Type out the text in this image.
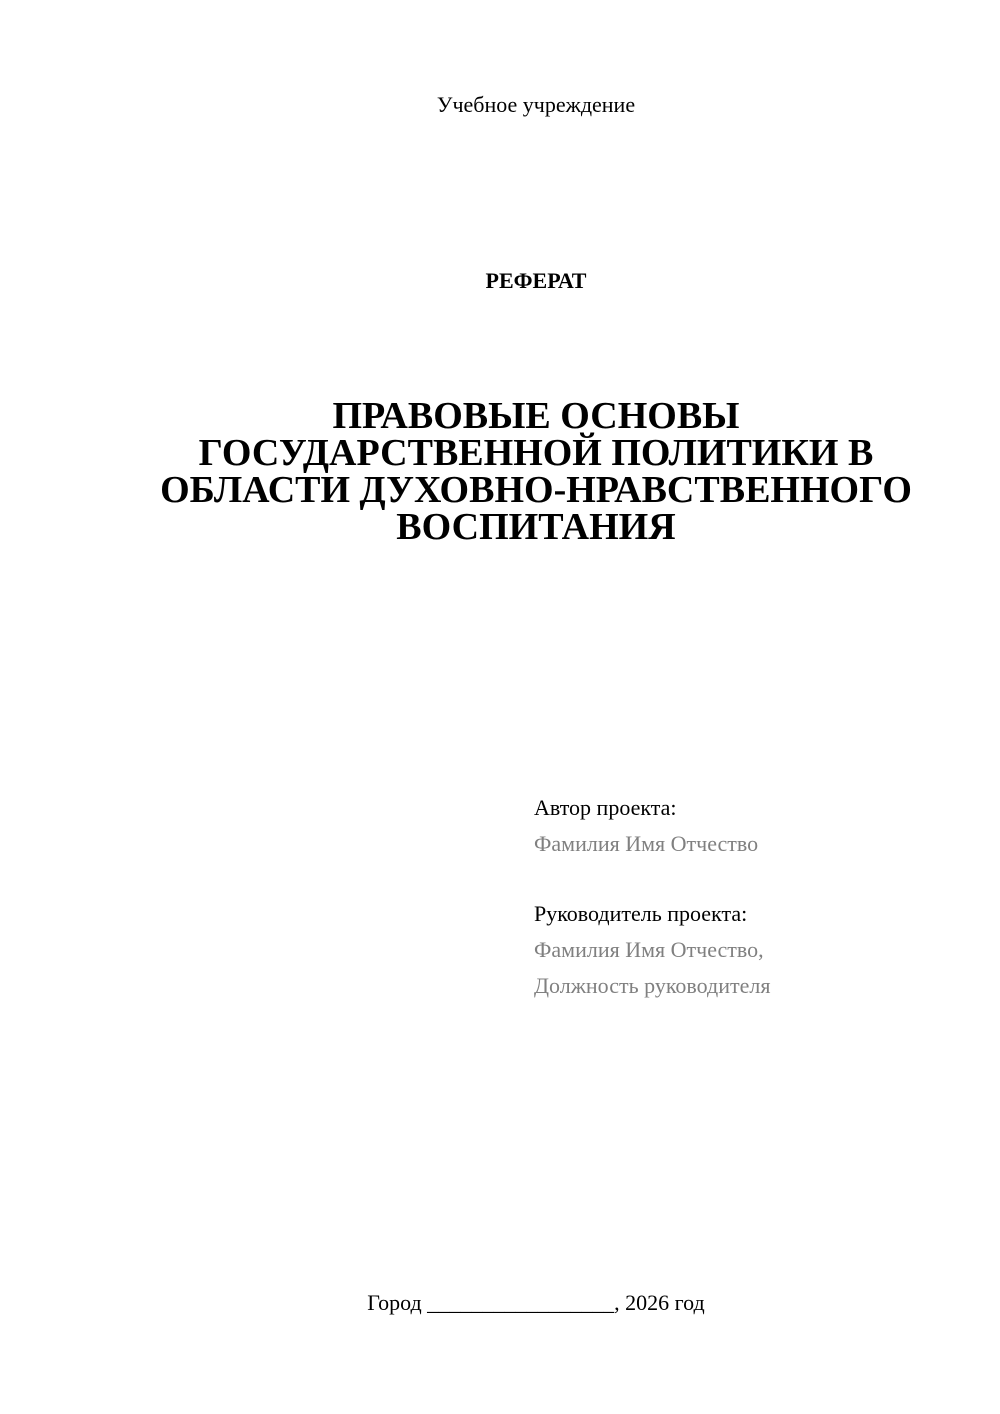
Учебное учреждение
РЕФЕРАТ
ПРАВОВЫЕ ОСНОВЫ
ГОСУДАРСТВЕННОЙ ПОЛИТИКИ В
ОБЛАСТИ ДУХОВНО-НРАВСТВЕННОГО
ВОСПИТАНИЯ
Автор проекта:
Фамилия Имя Отчество
Руководитель проекта:
Фамилия Имя Отчество,
Должность руководителя
Город _________________, 2026 год
